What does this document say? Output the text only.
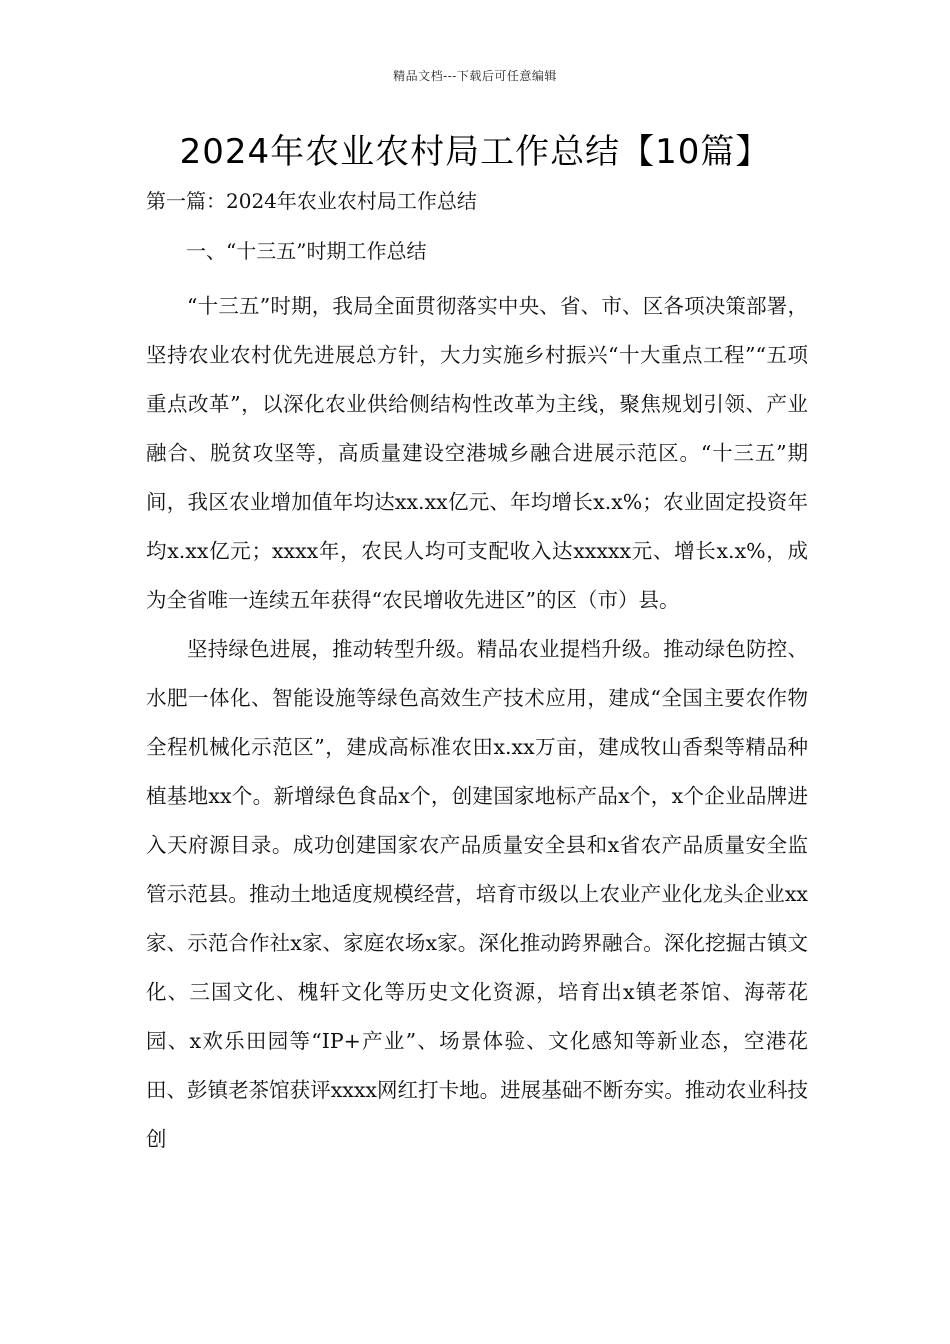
精品文档---下载后可任意编辑
2024年农业农村局工作总结【10篇】

第一篇：2024年农业农村局工作总结

一、“十三五”时期工作总结

“十三五”时期，我局全面贯彻落实中央、省、市、区各项决策部署，坚持农业农村优先进展总方针，大力实施乡村振兴“十大重点工程”“五项重点改革”，以深化农业供给侧结构性改革为主线，聚焦规划引领、产业融合、脱贫攻坚等，高质量建设空港城乡融合进展示范区。“十三五”期间，我区农业增加值年均达xx.xx亿元、年均增长x.x%；农业固定投资年均x.xx亿元；xxxx年，农民人均可支配收入达xxxxx元、增长x.x%，成为全省唯一连续五年获得“农民增收先进区”的区（市）县。

坚持绿色进展，推动转型升级。精品农业提档升级。推动绿色防控、水肥一体化、智能设施等绿色高效生产技术应用，建成“全国主要农作物全程机械化示范区”，建成高标准农田x.xx万亩，建成牧山香梨等精品种植基地xx个。新增绿色食品x个，创建国家地标产品x个，x个企业品牌进入天府源目录。成功创建国家农产品质量安全县和x省农产品质量安全监管示范县。推动土地适度规模经营，培育市级以上农业产业化龙头企业xx家、示范合作社x家、家庭农场x家。深化推动跨界融合。深化挖掘古镇文化、三国文化、槐轩文化等历史文化资源，培育出x镇老茶馆、海蒂花园、x欢乐田园等“IP+产业”、场景体验、文化感知等新业态，空港花田、彭镇老茶馆获评xxxx网红打卡地。进展基础不断夯实。推动农业科技创
